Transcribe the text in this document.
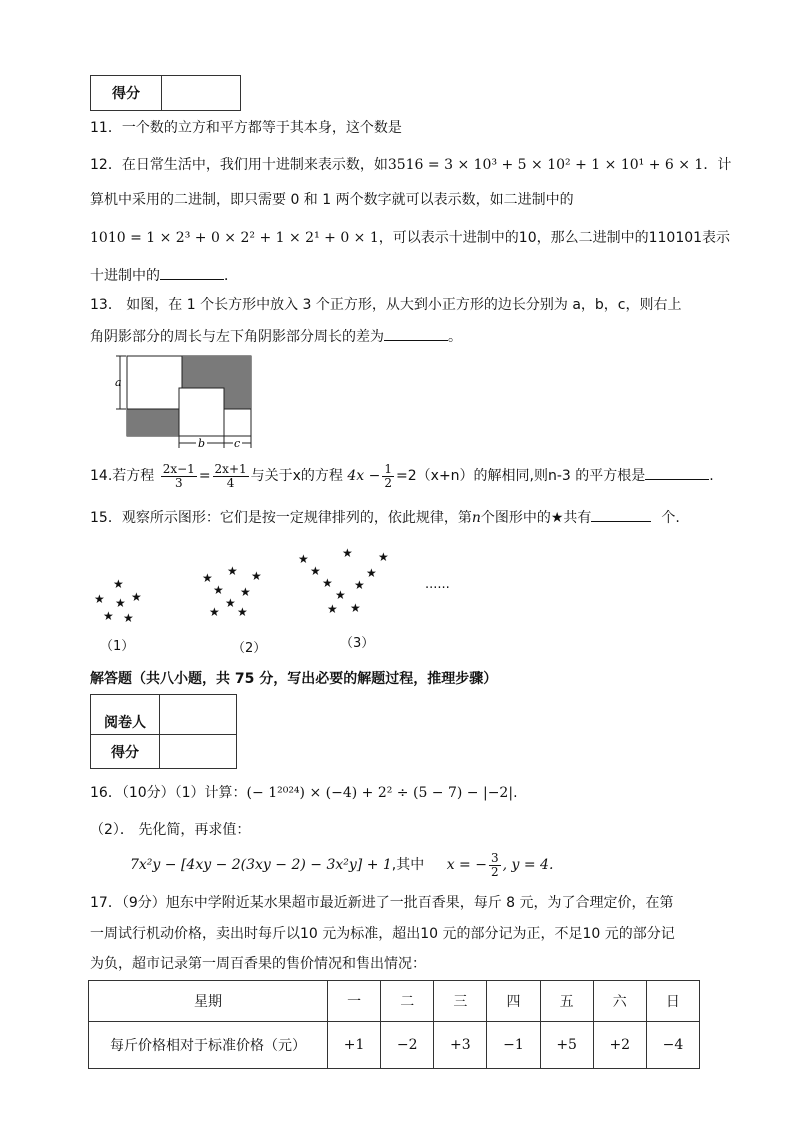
得分	
11．一个数的立方和平方都等于其本身，这个数是
12．在日常生活中，我们用十进制来表示数，如3516 = 3 × 10³ + 5 × 10² + 1 × 10¹ + 6 × 1．计
算机中采用的二进制，即只需要 0 和 1 两个数字就可以表示数，如二进制中的
1010 = 1 × 2³ + 0 × 2² + 1 × 2¹ + 0 × 1，可以表示十进制中的10，那么二进制中的110101表示
十进制中的	．
13． 如图，在 1 个长方形中放入 3 个正方形，从大到小正方形的边长分别为 a，b，c，则右上
角阴影部分的周长与左下角阴影部分周长的差为	。
a
b	c
14.若方程 $\frac{2x-1}{3} = \frac{2x+1}{4}$ 与关于x的方程 $4x - \frac{1}{2} =2(x+n)$的解相同,则n-3 的平方根是	.
15．观察所示图形：它们是按一定规律排列的，依此规律，第n个图形中的★共有	个.
★
★ ★
★
★ ★
★ ★ ★
★ ★
★
★ ★
★
★	★
★	★
★ ★
★
★ ★
......
（1）	（2）	（3）
解答题（共八小题，共 75 分，写出必要的解题过程，推理步骤）
阅卷人	
得分	
16．（10分）（1）计算：(− 1²⁰²⁴) × (−4) + 2² ÷ (5 − 7) − |−2|.
（2）． 先化简，再求值：
7x²y − [4xy − 2(3xy − 2) − 3x²y] + 1,其中 x = − $\frac{3}{2}$ , y = 4.
17．（9分）旭东中学附近某水果超市最近新进了一批百香果，每斤 8 元，为了合理定价，在第
一周试行机动价格，卖出时每斤以10 元为标准，超出10 元的部分记为正，不足10 元的部分记
为负，超市记录第一周百香果的售价情况和售出情况：
星期	一	二	三	四	五	六	日
每斤价格相对于标准价格（元）	+1	−2	+3	−1	+5	+2	−4
